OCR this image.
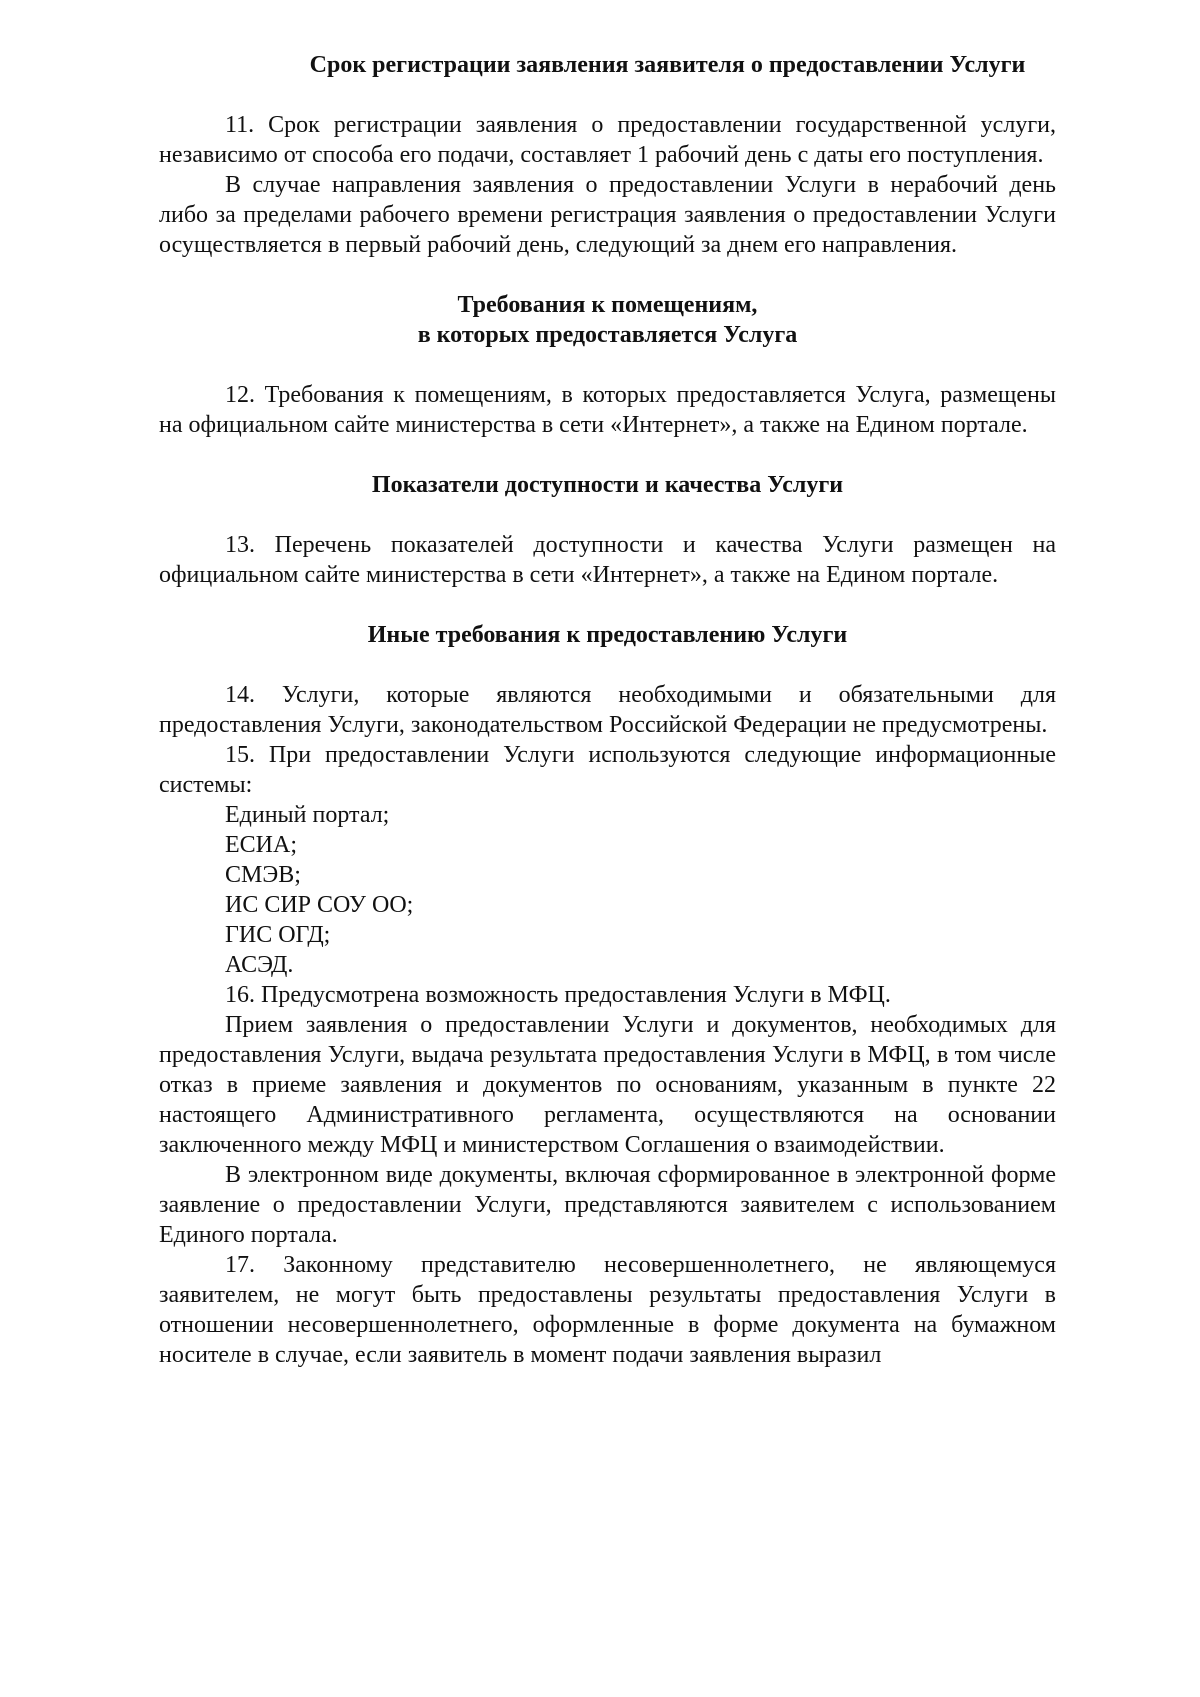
Срок регистрации заявления заявителя о предоставлении Услуги

11. Срок регистрации заявления о предоставлении государственной услуги, независимо от способа его подачи, составляет 1 рабочий день с даты его поступления.

В случае направления заявления о предоставлении Услуги в нерабочий день либо за пределами рабочего времени регистрация заявления о предоставлении Услуги осуществляется в первый рабочий день, следующий за днем его направления.

Требования к помещениям,
в которых предоставляется Услуга

12. Требования к помещениям, в которых предоставляется Услуга, размещены на официальном сайте министерства в сети «Интернет», а также на Едином портале.

Показатели доступности и качества Услуги

13. Перечень показателей доступности и качества Услуги размещен на официальном сайте министерства в сети «Интернет», а также на Едином портале.

Иные требования к предоставлению Услуги

14. Услуги, которые являются необходимыми и обязательными для предоставления Услуги, законодательством Российской Федерации не предусмотрены.

15. При предоставлении Услуги используются следующие информационные системы:

Единый портал;

ЕСИА;

СМЭВ;

ИС СИР СОУ ОО;

ГИС ОГД;

АСЭД.

16. Предусмотрена возможность предоставления Услуги в МФЦ.

Прием заявления о предоставлении Услуги и документов, необходимых для предоставления Услуги, выдача результата предоставления Услуги в МФЦ, в том числе отказ в приеме заявления и документов по основаниям, указанным в пункте 22 настоящего Административного регламента, осуществляются на основании заключенного между МФЦ и министерством Соглашения о взаимодействии.

В электронном виде документы, включая сформированное в электронной форме заявление о предоставлении Услуги, представляются заявителем с использованием Единого портала.

17. Законному представителю несовершеннолетнего, не являющемуся заявителем, не могут быть предоставлены результаты предоставления Услуги в отношении несовершеннолетнего, оформленные в форме документа на бумажном носителе в случае, если заявитель в момент подачи заявления выразил
